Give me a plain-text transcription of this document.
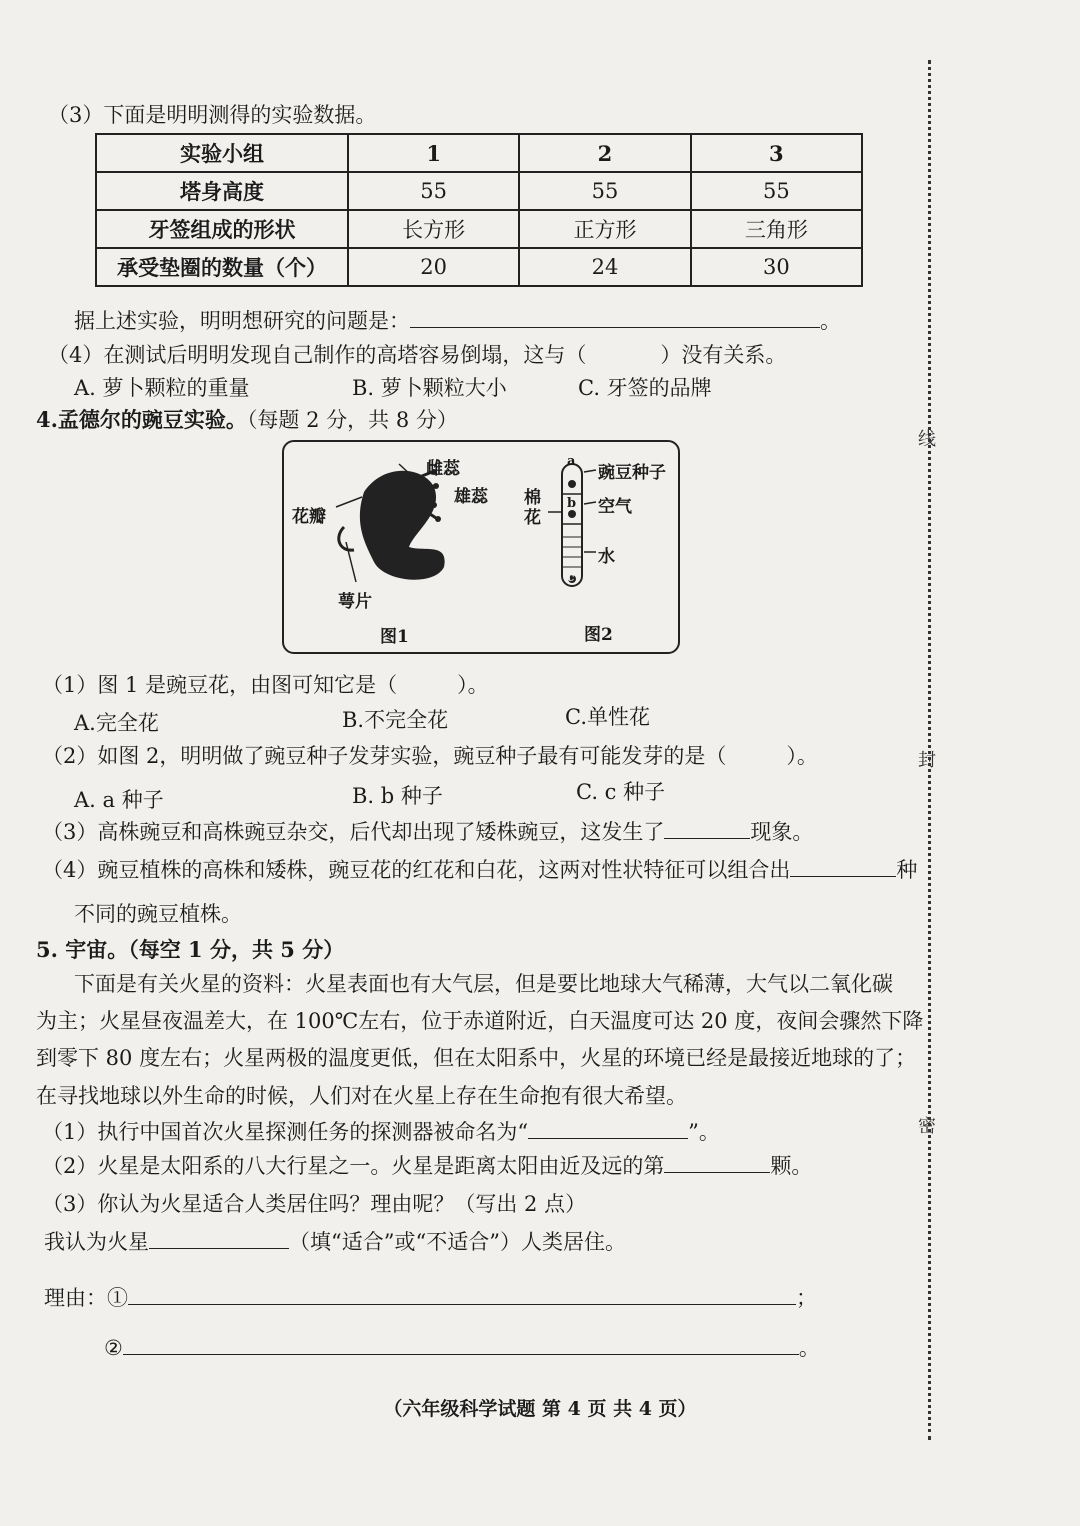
（3）下面是明明测得的实验数据。
实验小组	1	2	3
塔身高度	55	55	55
牙签组成的形状	长方形	正方形	三角形
承受垫圈的数量（个）	20	24	30
据上述实验，明明想研究的问题是：	。
（4）在测试后明明发现自己制作的高塔容易倒塌，这与（	）没有关系。
A. 萝卜颗粒的重量	B. 萝卜颗粒大小	C. 牙签的品牌
4.孟德尔的豌豆实验。（每题 2 分，共 8 分）
雌蕊
雄蕊
花瓣
萼片
图1
豌豆种子
空气
水
棉花
a
b
c
图2
（1）图 1 是豌豆花，由图可知它是（	）。
A.完全花	B.不完全花	C.单性花
（2）如图 2，明明做了豌豆种子发芽实验，豌豆种子最有可能发芽的是（	）。
A. a 种子	B. b 种子	C. c 种子
（3）高株豌豆和高株豌豆杂交，后代却出现了矮株豌豆，这发生了	现象。
（4）豌豆植株的高株和矮株，豌豆花的红花和白花，这两对性状特征可以组合出	种
不同的豌豆植株。
5. 宇宙。（每空 1 分，共 5 分）
下面是有关火星的资料：火星表面也有大气层，但是要比地球大气稀薄，大气以二氧化碳
为主；火星昼夜温差大，在 100℃左右，位于赤道附近，白天温度可达 20 度，夜间会骤然下降
到零下 80 度左右；火星两极的温度更低，但在太阳系中，火星的环境已经是最接近地球的了；
在寻找地球以外生命的时候，人们对在火星上存在生命抱有很大希望。
（1）执行中国首次火星探测任务的探测器被命名为“	”。
（2）火星是太阳系的八大行星之一。火星是距离太阳由近及远的第	颗。
（3）你认为火星适合人类居住吗？理由呢？（写出 2 点）
我认为火星	（填“适合”或“不适合”）人类居住。
理由：①	；
②	。
（六年级科学试题 第 4 页 共 4 页）
线
封
密
